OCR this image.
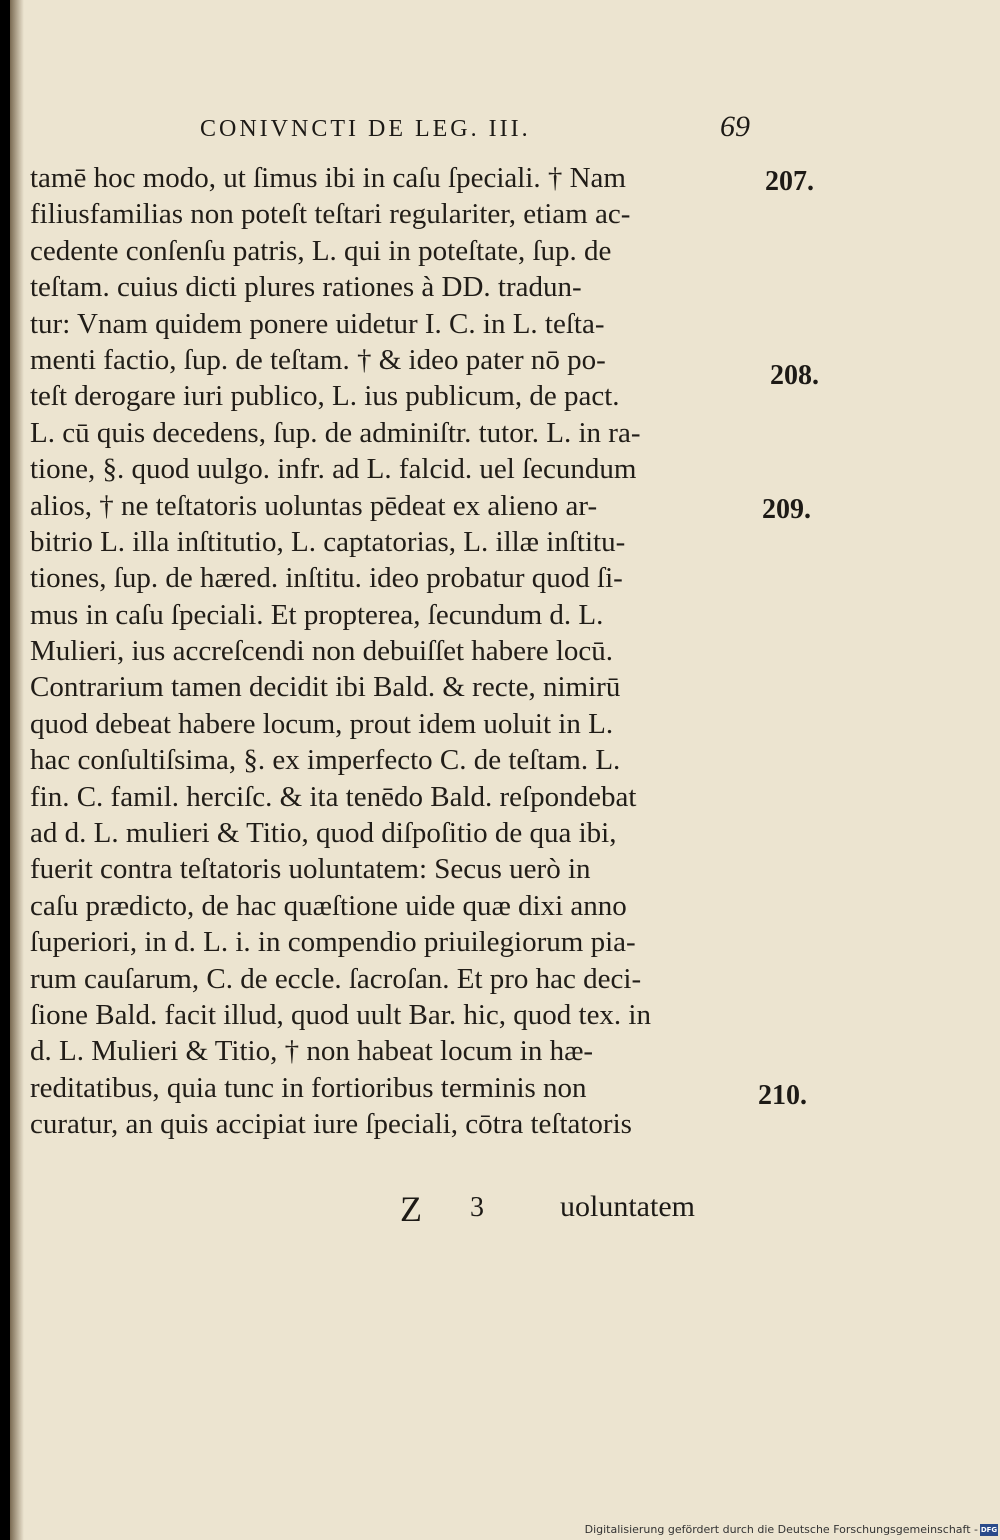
CONIVNCTI DE LEG. III.	69
tamē hoc modo, ut ſimus ibi in caſu ſpeciali. † Nam
filiusfamilias non poteſt teſtari regulariter, etiam ac-
cedente conſenſu patris, L. qui in poteſtate, ſup. de
teſtam. cuius dicti plures rationes à DD. tradun-
tur: Vnam quidem ponere uidetur I. C. in L. teſta-
menti factio, ſup. de teſtam. † & ideo pater nō po-
teſt derogare iuri publico, L. ius publicum, de pact.
L. cū quis decedens, ſup. de adminiſtr. tutor. L. in ra-
tione, §. quod uulgo. infr. ad L. falcid. uel ſecundum
alios, † ne teſtatoris uoluntas pēdeat ex alieno ar-
bitrio L. illa inſtitutio, L. captatorias, L. illæ inſtitu-
tiones, ſup. de hæred. inſtitu. ideo probatur quod ſi-
mus in caſu ſpeciali. Et propterea, ſecundum d. L.
Mulieri, ius accreſcendi non debuiſſet habere locū.
Contrarium tamen decidit ibi Bald. & recte, nimirū
quod debeat habere locum, prout idem uoluit in L.
hac conſultiſsima, §. ex imperfecto C. de teſtam. L.
fin. C. famil. herciſc. & ita tenēdo Bald. reſpondebat
ad d. L. mulieri & Titio, quod diſpoſitio de qua ibi,
fuerit contra teſtatoris uoluntatem: Secus uerò in
caſu prædicto, de hac quæſtione uide quæ dixi anno
ſuperiori, in d. L. i. in compendio priuilegiorum pia-
rum cauſarum, C. de eccle. ſacroſan. Et pro hac deci-
ſione Bald. facit illud, quod uult Bar. hic, quod tex. in
d. L. Mulieri & Titio, † non habeat locum in hæ-
reditatibus, quia tunc in fortioribus terminis non
curatur, an quis accipiat iure ſpeciali, cōtra teſtatoris
207.
208.
209.
210.
Z 3	uoluntatem
Digitalisierung gefördert durch die Deutsche Forschungsgemeinschaft - DFG
